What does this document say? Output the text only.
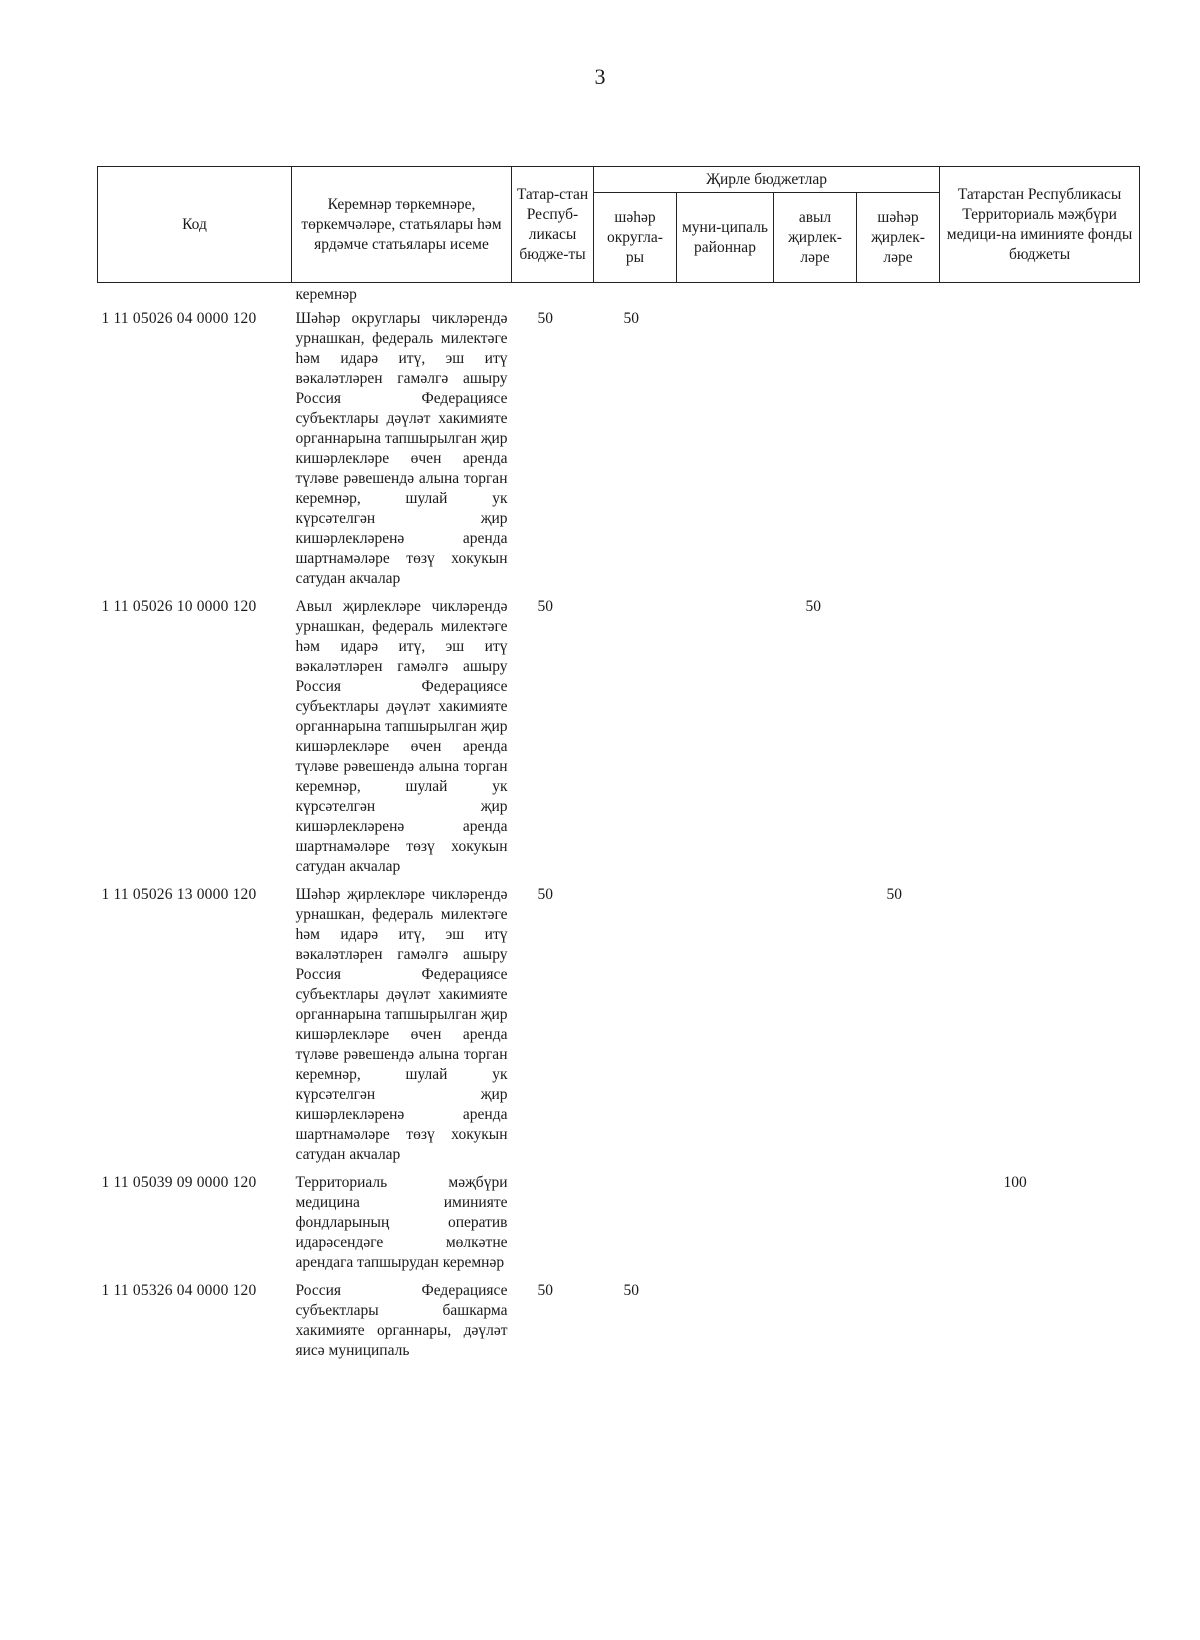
3
Код	Керемнәр төркемнәре, төркемчәләре, статьялары һәм ярдәмче статьялары исеме	Татар-стан Респуб-ликасы бюдже-ты	Җирле бюджетлар				Татарстан Республикасы Территориаль мәҗбүри медици-на иминияте фонды бюджеты
			шәһәр округла-ры	муни-ципаль районнар	авыл җирлек-ләре	шәһәр җирлек-ләре	
	керемнәр						
1 11 05026 04 0000 120	Шәһәр округлары чикләрендә урнашкан, федераль милектәге һәм идарә итү, эш итү вәкаләтләрен гамәлгә ашыру Россия Федерациясе субъектлары дәүләт хакимияте органнарына тапшырылган җир кишәрлекләре өчен аренда түләве рәвешендә алына торган керемнәр, шулай ук күрсәтелгән җир кишәрлекләренә аренда шартнамәләре төзү хокукын сатудан акчалар	50	50				
1 11 05026 10 0000 120	Авыл җирлекләре чикләрендә урнашкан, федераль милектәге һәм идарә итү, эш итү вәкаләтләрен гамәлгә ашыру Россия Федерациясе субъектлары дәүләт хакимияте органнарына тапшырылган җир кишәрлекләре өчен аренда түләве рәвешендә алына торган керемнәр, шулай ук күрсәтелгән җир кишәрлекләренә аренда шартнамәләре төзү хокукын сатудан акчалар	50			50		
1 11 05026 13 0000 120	Шәһәр җирлекләре чикләрендә урнашкан, федераль милектәге һәм идарә итү, эш итү вәкаләтләрен гамәлгә ашыру Россия Федерациясе субъектлары дәүләт хакимияте органнарына тапшырылган җир кишәрлекләре өчен аренда түләве рәвешендә алына торган керемнәр, шулай ук күрсәтелгән җир кишәрлекләренә аренда шартнамәләре төзү хокукын сатудан акчалар	50				50	
1 11 05039 09 0000 120	Территориаль мәҗбүри медицина иминияте фондларының оператив идарәсендәге мөлкәтне арендага тапшырудан керемнәр						100
1 11 05326 04 0000 120	Россия Федерациясе субъектлары башкарма хакимияте органнары, дәүләт яисә муниципаль	50	50				
